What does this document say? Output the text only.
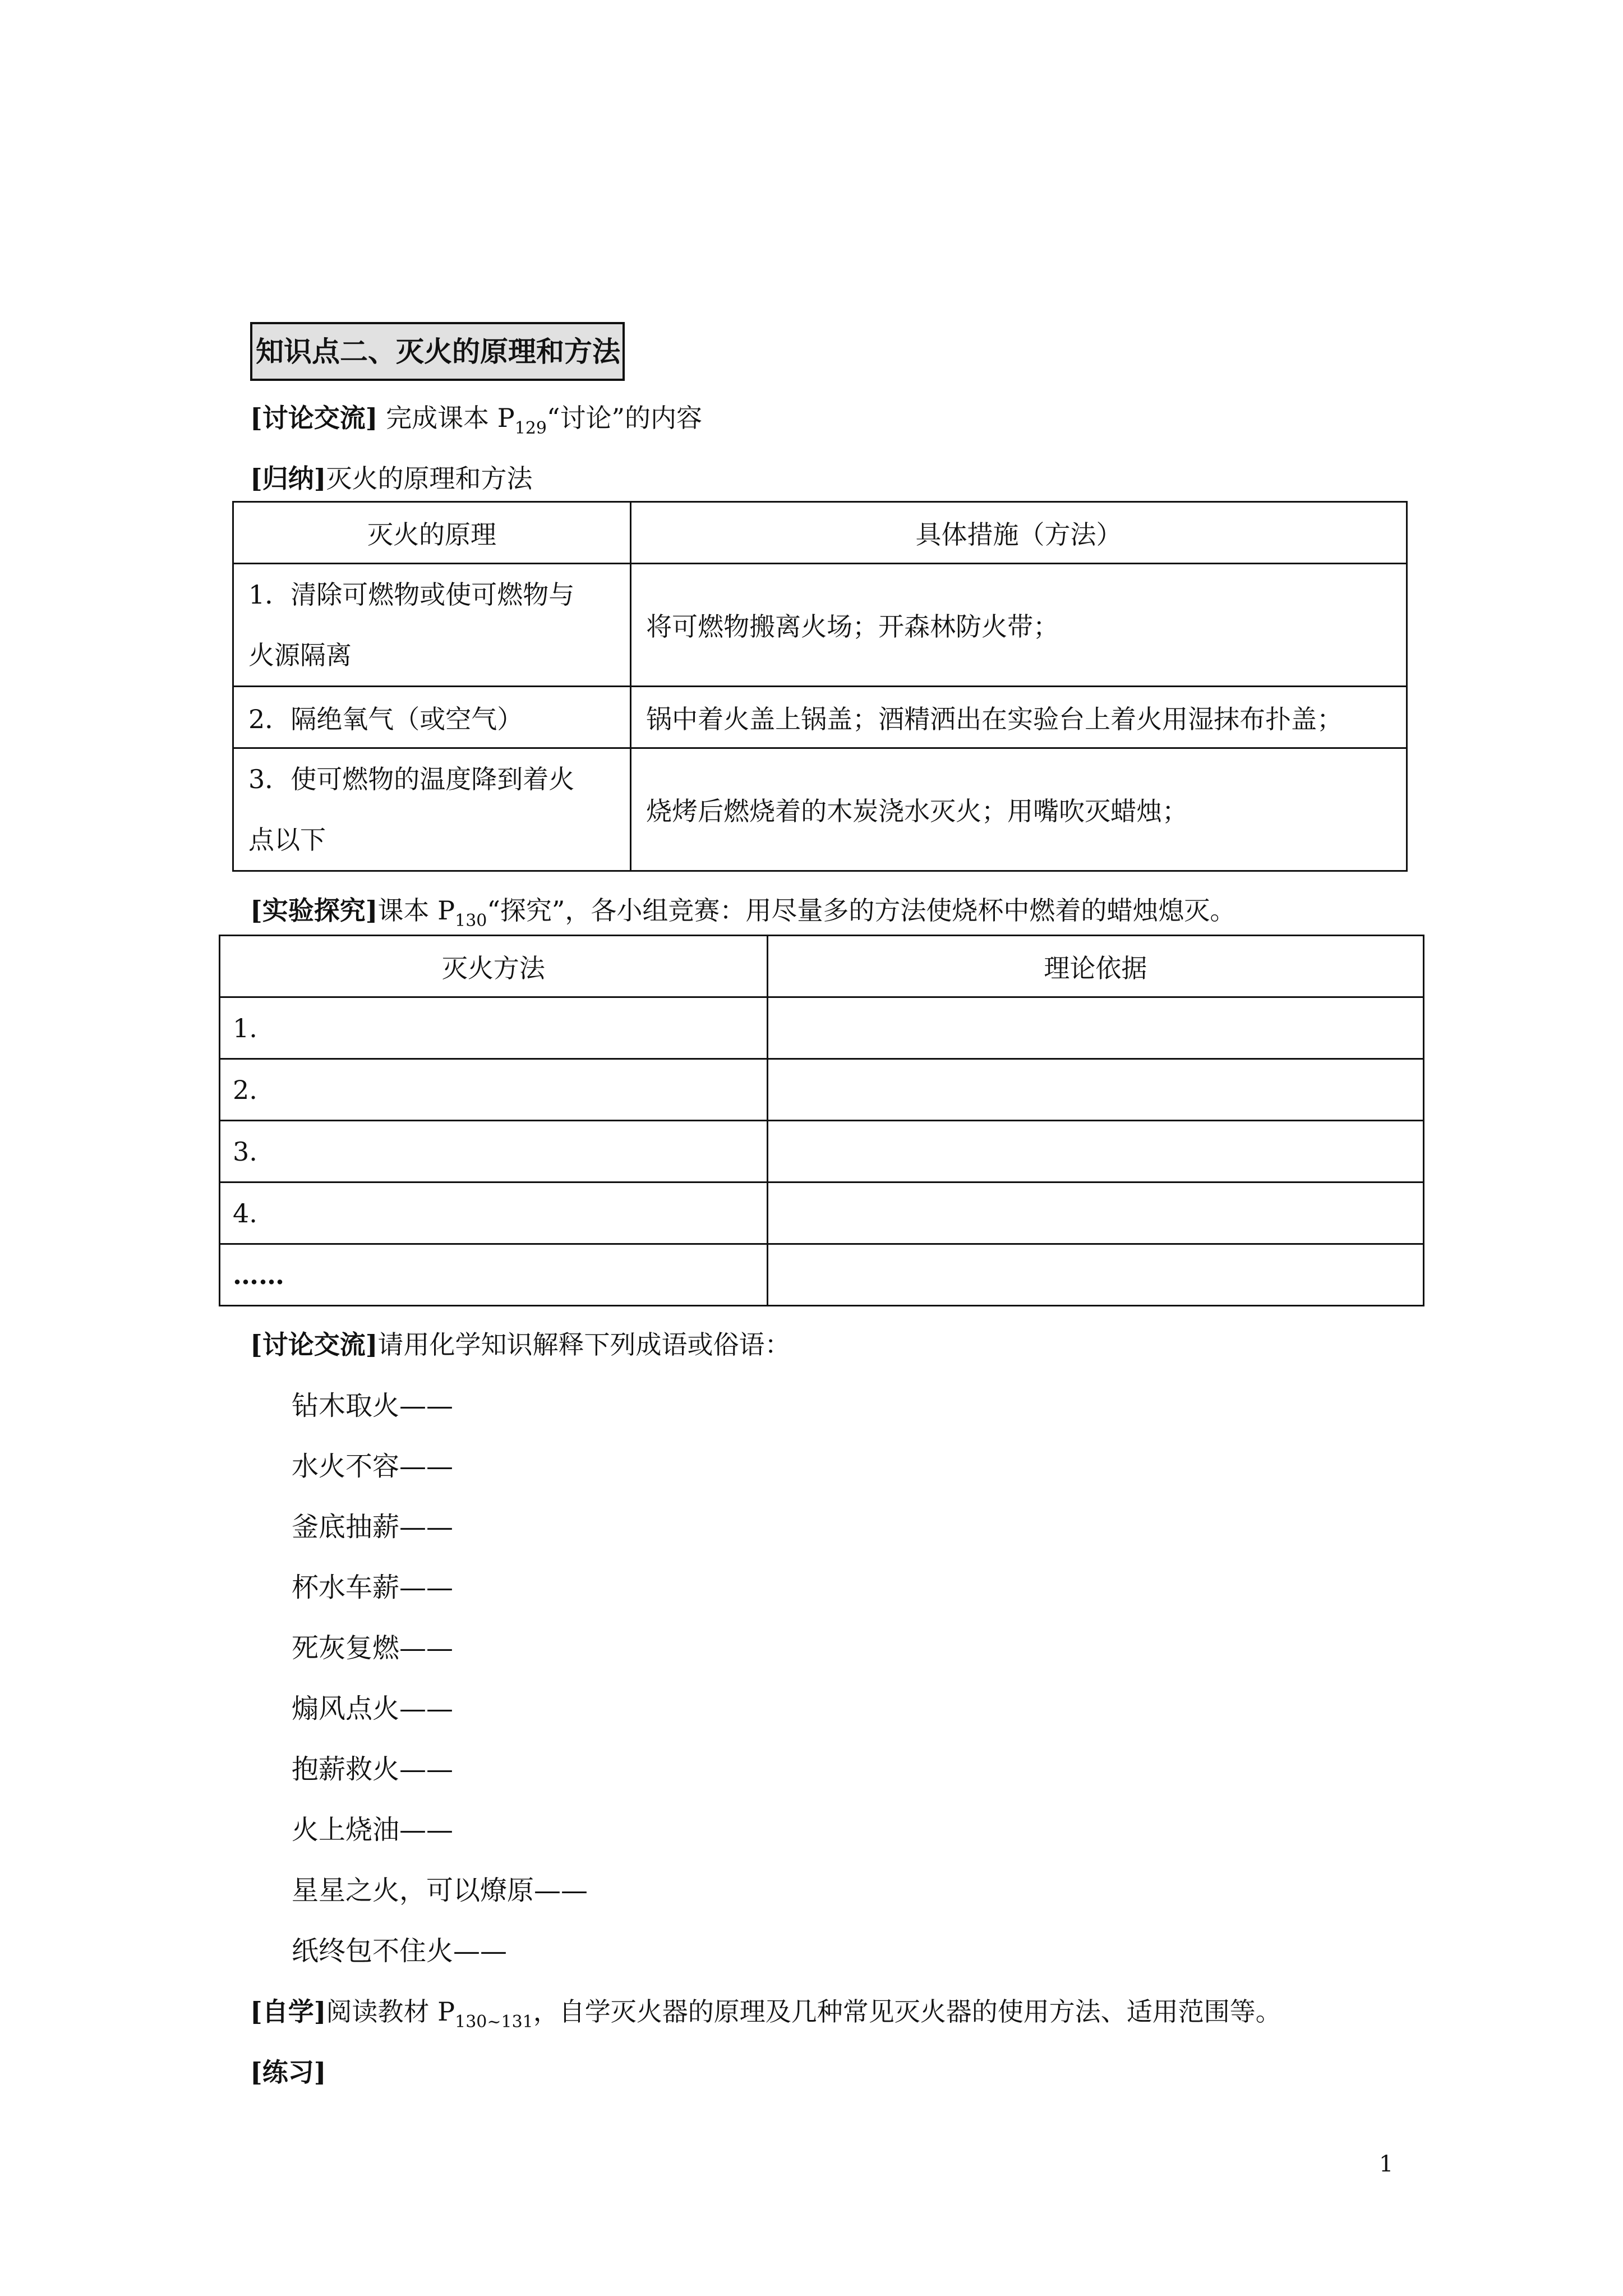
知识点二、灭火的原理和方法
[讨论交流] 完成课本 $P_{129}“$讨论”的内容
[归纳]灭火的原理和方法
灭火的原理	具体措施（方法）
1．清除可燃物或使可燃物与
火源隔离	将可燃物搬离火场；开森林防火带；
2．隔绝氧气（或空气）	锅中着火盖上锅盖；酒精洒出在实验台上着火用湿抹布扑盖；
3．使可燃物的温度降到着火
点以下	烧烤后燃烧着的木炭浇水灭火；用嘴吹灭蜡烛；
[实验探究]课本 $P_{130}“$探究”，各小组竞赛：用尽量多的方法使烧杯中燃着的蜡烛熄灭。
灭火方法	理论依据
1.	
2.	
3.	
4.	
……	
[讨论交流]请用化学知识解释下列成语或俗语：
钻木取火——
水火不容——
釜底抽薪——
杯水车薪——
死灰复燃——
煽风点火——
抱薪救火——
火上烧油——
星星之火，可以燎原——
纸终包不住火——
[自学]阅读教材 $P_{130\sim 131}$，自学灭火器的原理及几种常见灭火器的使用方法、适用范围等。
[练习]
1
